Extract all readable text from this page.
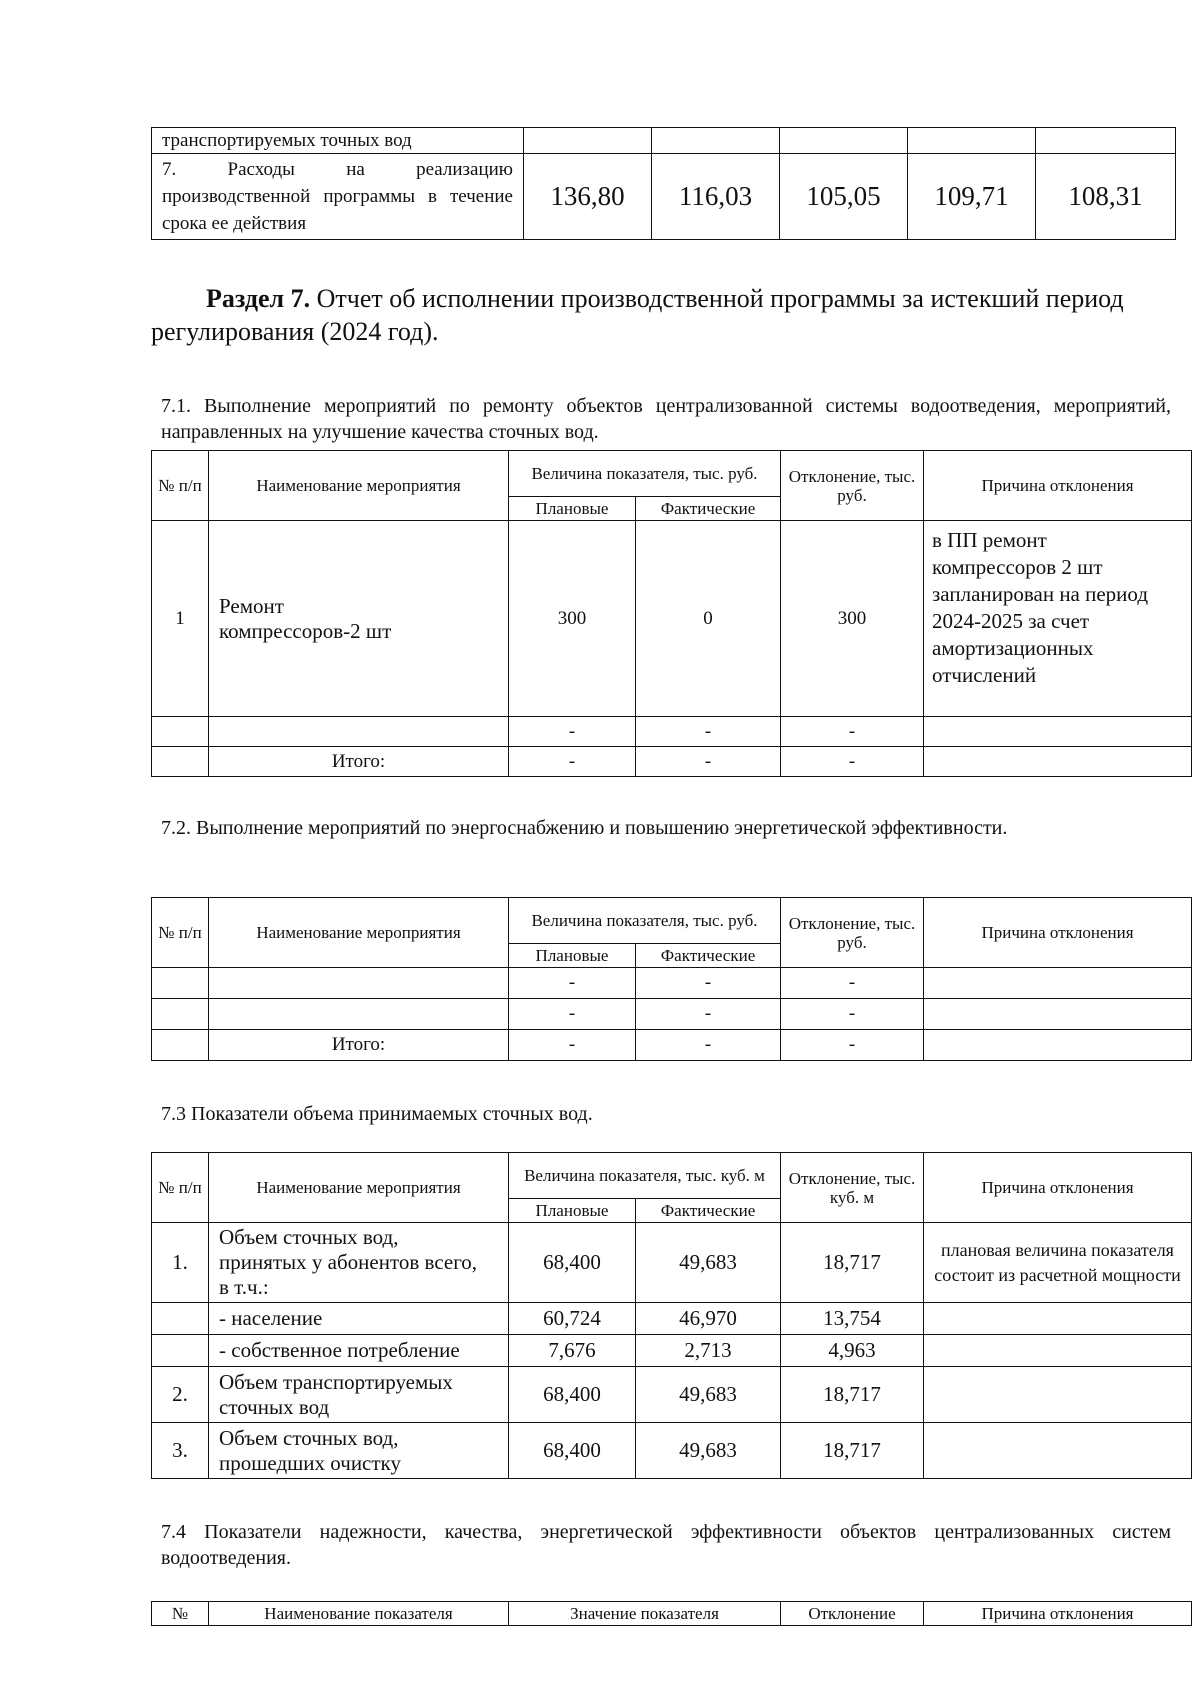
транспортируемых точных вод					
7. Расходы на реализацию производственной программы в течение срока ее действия	136,80	116,03	105,05	109,71	108,31
Раздел 7. Отчет об исполнении производственной программы за истекший период регулирования (2024 год).
7.1. Выполнение мероприятий по ремонту объектов централизованной системы водоотведения, мероприятий, направленных на улучшение качества сточных вод.
№ п/п	Наименование мероприятия	Величина показателя, тыс. руб.		Отклонение, тыс. руб.	Причина отклонения
		Плановые	Фактические		
1	Ремонт компрессоров-2 шт	300	0	300	в ПП ремонт компрессоров 2 шт запланирован на период 2024-2025 за счет амортизационных отчислений
		-	-	-	
	Итого:	-	-	-	
7.2. Выполнение мероприятий по энергоснабжению и повышению энергетической эффективности.
№ п/п	Наименование мероприятия	Величина показателя, тыс. руб.		Отклонение, тыс. руб.	Причина отклонения
		Плановые	Фактические		
		-	-	-	
		-	-	-	
	Итого:	-	-	-	
7.3 Показатели объема принимаемых сточных вод.
№ п/п	Наименование мероприятия	Величина показателя, тыс. куб. м		Отклонение, тыс. куб. м	Причина отклонения
		Плановые	Фактические		
1.	Объем сточных вод, принятых у абонентов всего, в т.ч.:	68,400	49,683	18,717	плановая величина показателя состоит из расчетной мощности
	- население	60,724	46,970	13,754	
	- собственное потребление	7,676	2,713	4,963	
2.	Объем транспортируемых сточных вод	68,400	49,683	18,717	
3.	Объем сточных вод, прошедших очистку	68,400	49,683	18,717	
7.4 Показатели надежности, качества, энергетической эффективности объектов централизованных систем водоотведения.
№	Наименование показателя	Значение показателя	Отклонение	Причина отклонения
